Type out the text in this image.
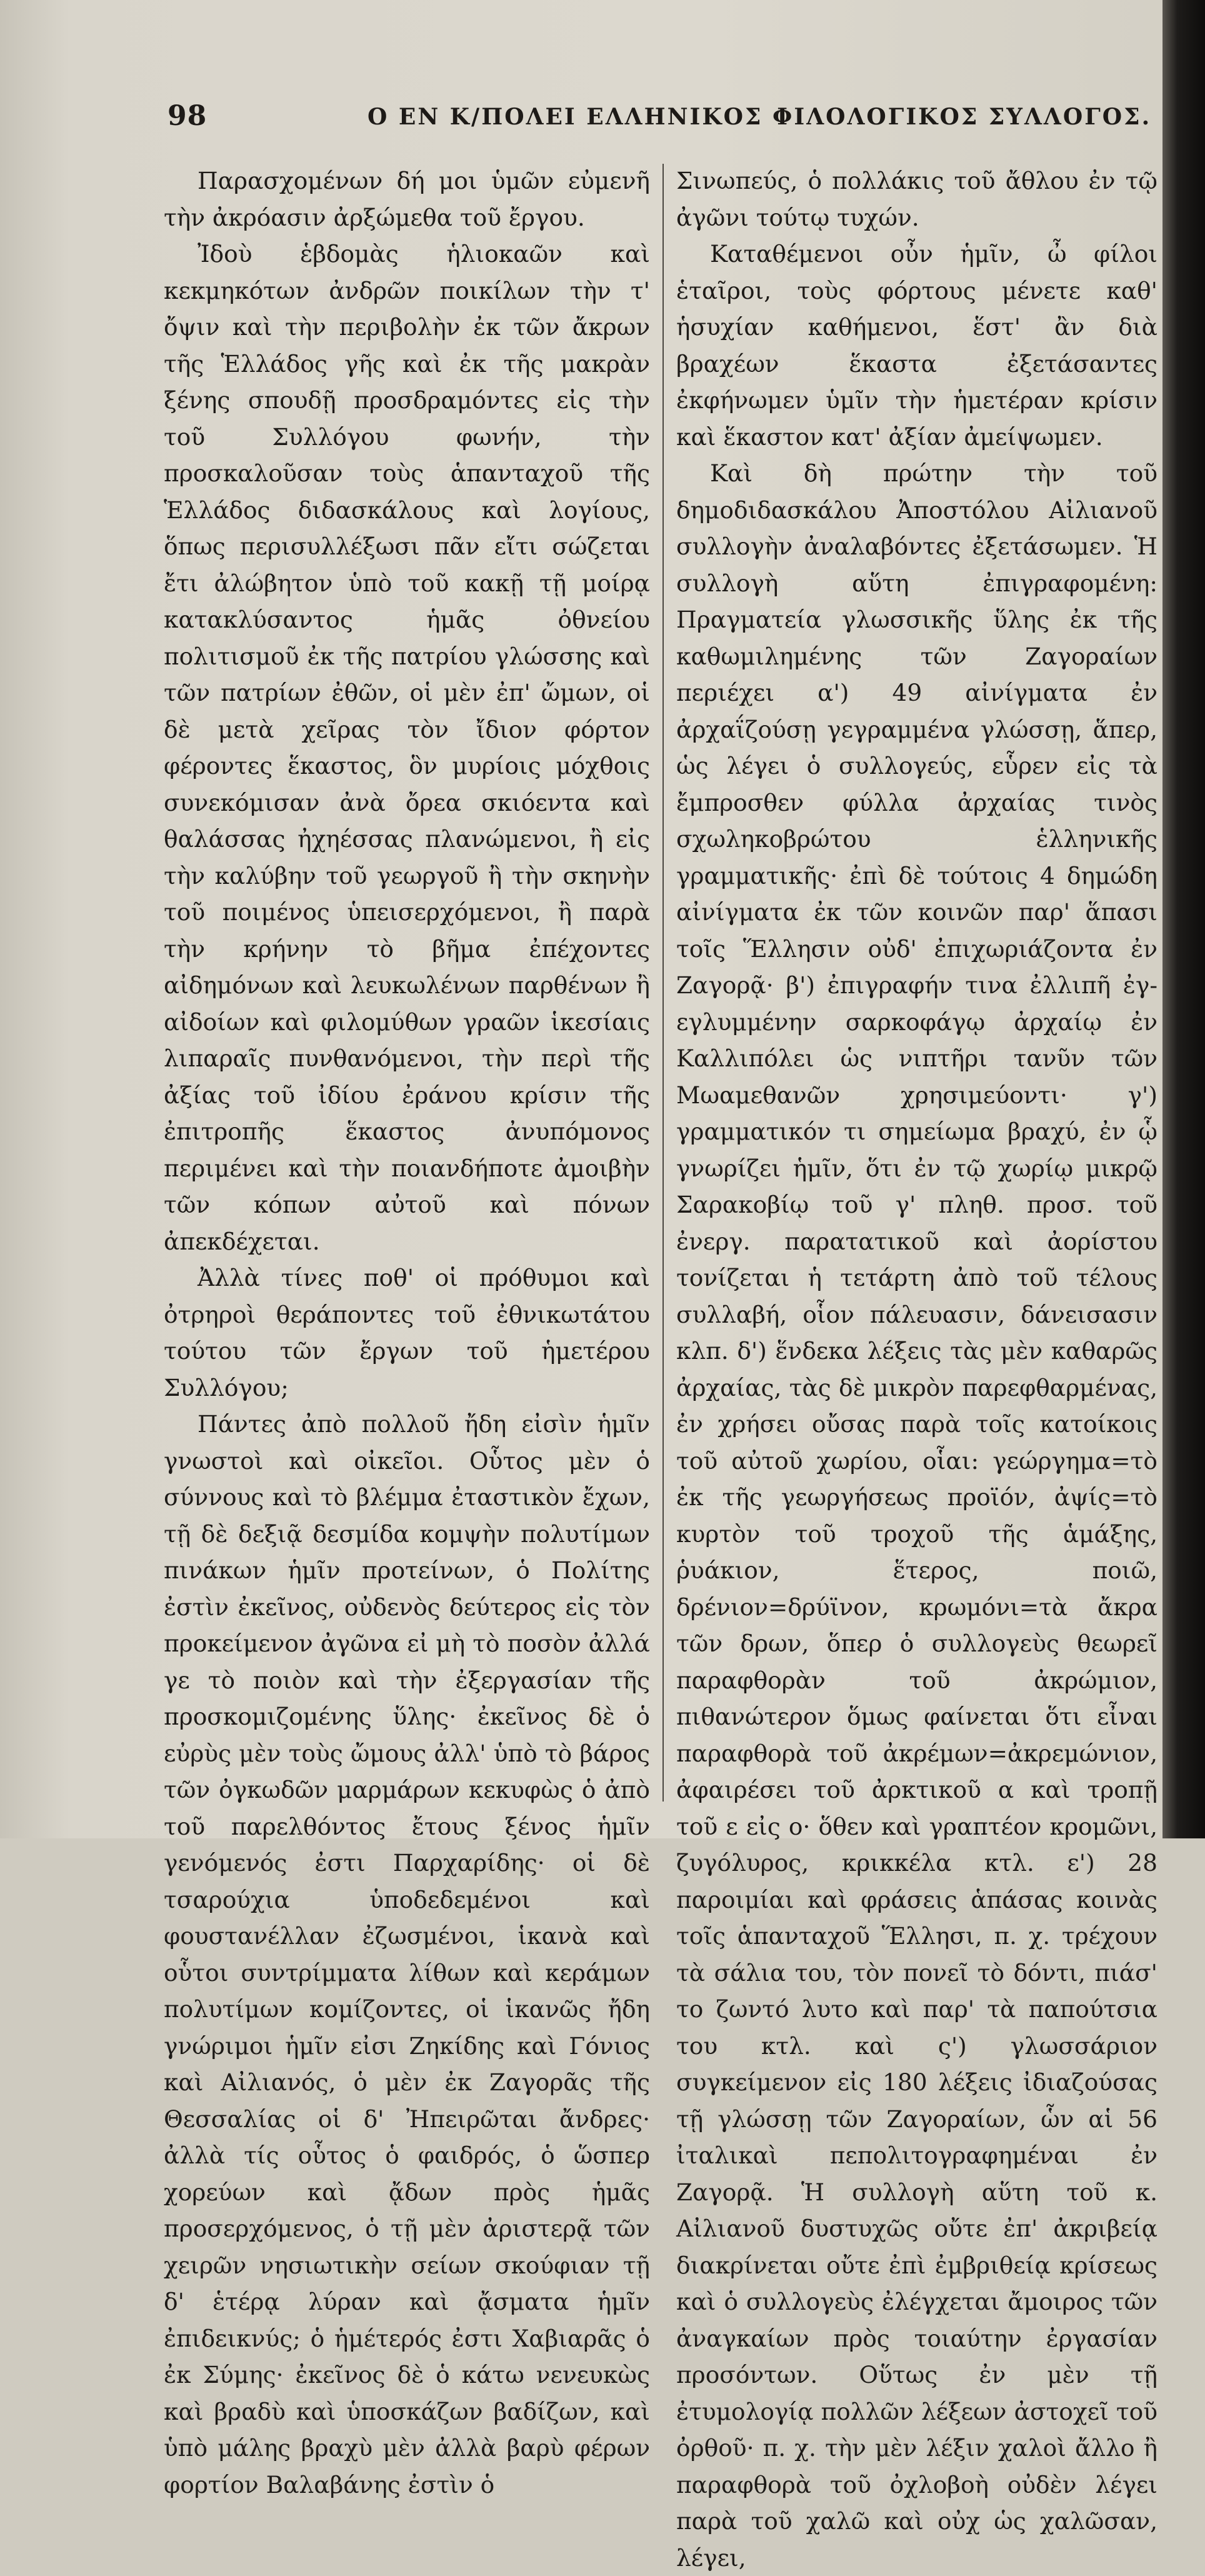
98	Ο ΕΝ Κ/ΠΟΛΕΙ ΕΛΛΗΝΙΚΟΣ ΦΙΛΟΛΟΓΙΚΟΣ ΣΥΛΛΟΓΟΣ.

Παρασχομένων δή μοι ὑμῶν εὐμενῆ τὴν ἀκρόασιν ἀρξώμεθα τοῦ ἔργου.

Ἰδοὺ ἑβδομὰς ἡλιοκαῶν καὶ κεκμηκότων ἀνδρῶν ποικίλων τὴν τ' ὄψιν καὶ τὴν περιβολὴν ἐκ τῶν ἄκρων τῆς Ἑλλάδος γῆς καὶ ἐκ τῆς μακρὰν ξένης σπουδῇ προσδραμόντες εἰς τὴν τοῦ Συλλόγου φωνήν, τὴν προσκαλοῦσαν τοὺς ἁπανταχοῦ τῆς Ἑλλάδος διδασκάλους καὶ λογίους, ὅπως περισυλλέξωσι πᾶν εἴτι σώζεται ἔτι ἀλώβητον ὑπὸ τοῦ κακῇ τῇ μοίρᾳ κατακλύσαντος ἡμᾶς ὀθνείου πολιτισμοῦ ἐκ τῆς πατρίου γλώσσης καὶ τῶν πατρίων ἐθῶν, οἱ μὲν ἐπ' ὤμων, οἱ δὲ μετὰ χεῖρας τὸν ἴδιον φόρτον φέροντες ἕκαστος, ὃν μυρίοις μόχθοις συνεκόμισαν ἀνὰ ὄρεα σκιόεντα καὶ θαλάσσας ἠχηέσσας πλανώμενοι, ἢ εἰς τὴν καλύβην τοῦ γεωργοῦ ἢ τὴν σκηνὴν τοῦ ποιμένος ὑπεισερχόμενοι, ἢ παρὰ τὴν κρήνην τὸ βῆμα ἐπέχοντες αἰδημόνων καὶ λευκωλένων παρθένων ἢ αἰδοίων καὶ φιλομύθων γραῶν ἱκεσίαις λιπαραῖς πυνθανόμενοι, τὴν περὶ τῆς ἀξίας τοῦ ἰδίου ἐράνου κρίσιν τῆς ἐπιτροπῆς ἕκαστος ἀνυπόμονος περιμένει καὶ τὴν ποιανδήποτε ἀμοιβὴν τῶν κόπων αὐτοῦ καὶ πόνων ἀπεκδέχεται.

Ἀλλὰ τίνες ποθ' οἱ πρόθυμοι καὶ ὀτρηροὶ θεράποντες τοῦ ἐθνικωτάτου τούτου τῶν ἔργων τοῦ ἡμετέρου Συλλόγου;

Πάντες ἀπὸ πολλοῦ ἤδη εἰσὶν ἡμῖν γνωστοὶ καὶ οἰκεῖοι. Οὗτος μὲν ὁ σύννους καὶ τὸ βλέμμα ἐταστικὸν ἔχων, τῇ δὲ δεξιᾷ δεσμίδα κομψὴν πολυτίμων πινάκων ἡμῖν προτείνων, ὁ Πολίτης ἐστὶν ἐκεῖνος, οὐδενὸς δεύτερος εἰς τὸν προκείμενον ἀγῶνα εἰ μὴ τὸ ποσὸν ἀλλά γε τὸ ποιὸν καὶ τὴν ἐξεργασίαν τῆς προσκομιζομένης ὕλης· ἐκεῖνος δὲ ὁ εὐρὺς μὲν τοὺς ὤμους ἀλλ' ὑπὸ τὸ βάρος τῶν ὀγκωδῶν μαρμάρων κεκυφὼς ὁ ἀπὸ τοῦ παρελθόντος ἔτους ξένος ἡμῖν γενόμενός ἐστι Παρχαρίδης· οἱ δὲ τσαρούχια ὑποδεδεμένοι καὶ φουστανέλλαν ἐζωσμένοι, ἱκανὰ καὶ οὗτοι συντρίμματα λίθων καὶ κεράμων πολυτίμων κομίζοντες, οἱ ἱκανῶς ἤδη γνώριμοι ἡμῖν εἰσι Ζηκίδης καὶ Γόνιος καὶ Αἰλιανός, ὁ μὲν ἐκ Ζαγορᾶς τῆς Θεσσαλίας οἱ δ' Ἠπειρῶται ἄνδρες· ἀλλὰ τίς οὗτος ὁ φαιδρός, ὁ ὥσπερ χορεύων καὶ ᾄδων πρὸς ἡμᾶς προσερχόμενος, ὁ τῇ μὲν ἀριστερᾷ τῶν χειρῶν νησιωτικὴν σείων σκούφιαν τῇ δ' ἑτέρᾳ λύραν καὶ ᾄσματα ἡμῖν ἐπιδεικνύς; ὁ ἡμέτερός ἐστι Χαβιαρᾶς ὁ ἐκ Σύμης· ἐκεῖνος δὲ ὁ κάτω νενευκὼς καὶ βραδὺ καὶ ὑποσκάζων βαδίζων, καὶ ὑπὸ μάλης βραχὺ μὲν ἀλλὰ βαρὺ φέρων φορτίον Βαλαβάνης ἐστὶν ὁ

Σινωπεύς, ὁ πολλάκις τοῦ ἄθλου ἐν τῷ ἀγῶνι τούτῳ τυχών.

Καταθέμενοι οὖν ἡμῖν, ὦ φίλοι ἑταῖροι, τοὺς φόρτους μένετε καθ' ἡσυχίαν καθήμενοι, ἕστ' ἂν διὰ βραχέων ἕκαστα ἐξετάσαντες ἐκφήνωμεν ὑμῖν τὴν ἡμετέραν κρίσιν καὶ ἕκαστον κατ' ἀξίαν ἀμείψωμεν.

Καὶ δὴ πρώτην τὴν τοῦ δημοδιδασκάλου Ἀποστόλου Αἰλιανοῦ συλλογὴν ἀναλαβόντες ἐξετάσωμεν. Ἡ συλλογὴ αὕτη ἐπιγραφομένη: Πραγματεία γλωσσικῆς ὕλης ἐκ τῆς καθωμιλημένης τῶν Ζαγοραίων περιέχει α') 49 αἰνίγματα ἐν ἀρχαΐζούσῃ γεγραμμένα γλώσσῃ, ἅπερ, ὡς λέγει ὁ συλλογεύς, εὗρεν εἰς τὰ ἔμπροσθεν φύλλα ἀρχαίας τινὸς σχωληκοβρώτου ἑλληνικῆς γραμματικῆς· ἐπὶ δὲ τούτοις 4 δημώδη αἰνίγματα ἐκ τῶν κοινῶν παρ' ἅπασι τοῖς Ἕλλησιν οὐδ' ἐπιχωριάζοντα ἐν Ζαγορᾷ· β') ἐπιγραφήν τινα ἐλλιπῆ ἐγ-εγλυμμένην σαρκοφάγῳ ἀρχαίῳ ἐν Καλλιπόλει ὡς νιπτῆρι τανῦν τῶν Μωαμεθανῶν χρησιμεύοντι· γ') γραμματικόν τι σημείωμα βραχύ, ἐν ᾧ γνωρίζει ἡμῖν, ὅτι ἐν τῷ χωρίῳ μικρῷ Σαρακοβίῳ τοῦ γ' πληθ. προσ. τοῦ ἐνεργ. παρατατικοῦ καὶ ἀορίστου τονίζεται ἡ τετάρτη ἀπὸ τοῦ τέλους συλλαβή, οἷον πάλευασιν, δάνεισασιν κλπ. δ') ἕνδεκα λέξεις τὰς μὲν καθαρῶς ἀρχαίας, τὰς δὲ μικρὸν παρεφθαρμένας, ἐν χρήσει οὔσας παρὰ τοῖς κατοίκοις τοῦ αὐτοῦ χωρίου, οἷαι: γεώργημα=τὸ ἐκ τῆς γεωργήσεως προϊόν, ἀψίς=τὸ κυρτὸν τοῦ τροχοῦ τῆς ἁμάξης, ῥυάκιον, ἕτερος, ποιῶ, δρένιον=δρύϊνον, κρωμόνι=τὰ ἄκρα τῶν δρων, ὅπερ ὁ συλλογεὺς θεωρεῖ παραφθορὰν τοῦ ἀκρώμιον, πιθανώτερον ὅμως φαίνεται ὅτι εἶναι παραφθορὰ τοῦ ἀκρέμων=ἀκρεμώνιον, ἀφαιρέσει τοῦ ἀρκτικοῦ α καὶ τροπῇ τοῦ ε εἰς ο· ὅθεν καὶ γραπτέον κρομῶνι, ζυγόλυρος, κρικκέλα κτλ. ε') 28 παροιμίαι καὶ φράσεις ἁπάσας κοινὰς τοῖς ἁπανταχοῦ Ἕλλησι, π. χ. τρέχουν τὰ σάλια του, τὸν πονεῖ τὸ δόντι, πιάσ' το ζωντό λυτο καὶ παρ' τὰ παπούτσια του κτλ. καὶ ς') γλωσσάριον συγκείμενον εἰς 180 λέξεις ἰδιαζούσας τῇ γλώσσῃ τῶν Ζαγοραίων, ὧν αἱ 56 ἰταλικαὶ πεπολιτογραφημέναι ἐν Ζαγορᾷ. Ἡ συλλογὴ αὕτη τοῦ κ. Αἰλιανοῦ δυστυχῶς οὔτε ἐπ' ἀκριβείᾳ διακρίνεται οὔτε ἐπὶ ἐμβριθείᾳ κρίσεως καὶ ὁ συλλογεὺς ἐλέγχεται ἄμοιρος τῶν ἀναγκαίων πρὸς τοιαύτην ἐργασίαν προσόντων. Οὕτως ἐν μὲν τῇ ἐτυμολογίᾳ πολλῶν λέξεων ἀστοχεῖ τοῦ ὀρθοῦ· π. χ. τὴν μὲν λέξιν χαλοὶ ἄλλο ἢ παραφθορὰ τοῦ ὀχλοβοὴ οὐδὲν λέγει παρὰ τοῦ χαλῶ καὶ οὐχ ὡς χαλῶσαν, λέγει,
